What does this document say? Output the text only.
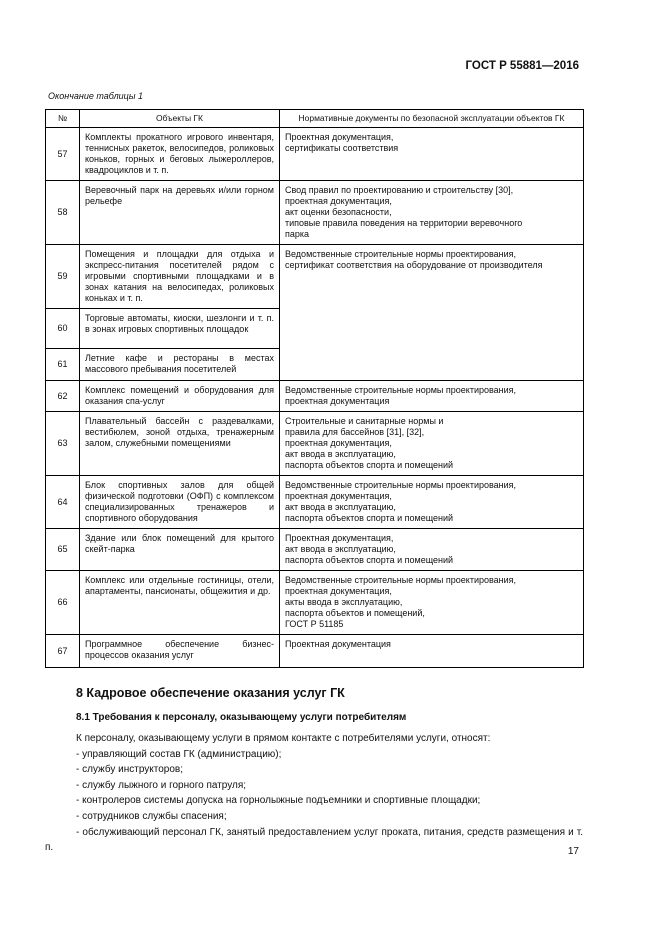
ГОСТ Р 55881—2016
Окончание таблицы 1
№	Объекты ГК	Нормативные документы по безопасной эксплуатации объектов ГК
57	Комплекты прокатного игрового инвентаря, теннисных ракеток, велосипедов, роликовых коньков, горных и беговых лыжероллеров, квадроциклов и т. п.	Проектная документация,
сертификаты соответствия

58	Веревочный парк на деревьях и/или горном рельефе	Свод правил по проектированию и строительству [30],
проектная документация,
акт оценки безопасности,
типовые правила поведения на территории веревочного
парка

59	Помещения и площадки для отдыха и экспресс-питания посетителей рядом с игровыми спортивными площадками и в зонах катания на велосипедах, роликовых коньках и т. п.	Ведомственные строительные нормы проектирования,
сертификат соответствия на оборудование от производителя

60	Торговые автоматы, киоски, шезлонги и т. п. в зонах игровых спортивных площадок	
61	Летние кафе и рестораны в местах массового пребывания посетителей	
62	Комплекс помещений и оборудования для оказания спа-услуг	Ведомственные строительные нормы проектирования,
проектная документация

63	Плавательный бассейн с раздевалками, вестибюлем, зоной отдыха, тренажерным залом, служебными помещениями	Строительные и санитарные нормы и
правила для бассейнов [31], [32],
проектная документация,
акт ввода в эксплуатацию,
паспорта объектов спорта и помещений

64	Блок спортивных залов для общей физической подготовки (ОФП) с комплексом специализированных тренажеров и спортивного оборудования	Ведомственные строительные нормы проектирования,
проектная документация,
акт ввода в эксплуатацию,
паспорта объектов спорта и помещений

65	Здание или блок помещений для крытого скейт-парка	Проектная документация,
акт ввода в эксплуатацию,
паспорта объектов спорта и помещений

66	Комплекс или отдельные гостиницы, отели, апартаменты, пансионаты, общежития и др.	Ведомственные строительные нормы проектирования,
проектная документация,
акты ввода в эксплуатацию,
паспорта объектов и помещений,
ГОСТ Р 51185

67	Программное обеспечение бизнес-процессов оказания услуг	Проектная документация
8 Кадровое обеспечение оказания услуг ГК
8.1 Требования к персоналу, оказывающему услуги потребителям

К персоналу, оказывающему услуги в прямом контакте с потребителями услуги, относят:

- управляющий состав ГК (администрацию);
- службу инструкторов;
- службу лыжного и горного патруля;
- контролеров системы допуска на горнолыжные подъемники и спортивные площадки;
- сотрудников службы спасения;
- обслуживающий персонал ГК, занятый предоставлением услуг проката, питания, средств размещения и т. п.	17
